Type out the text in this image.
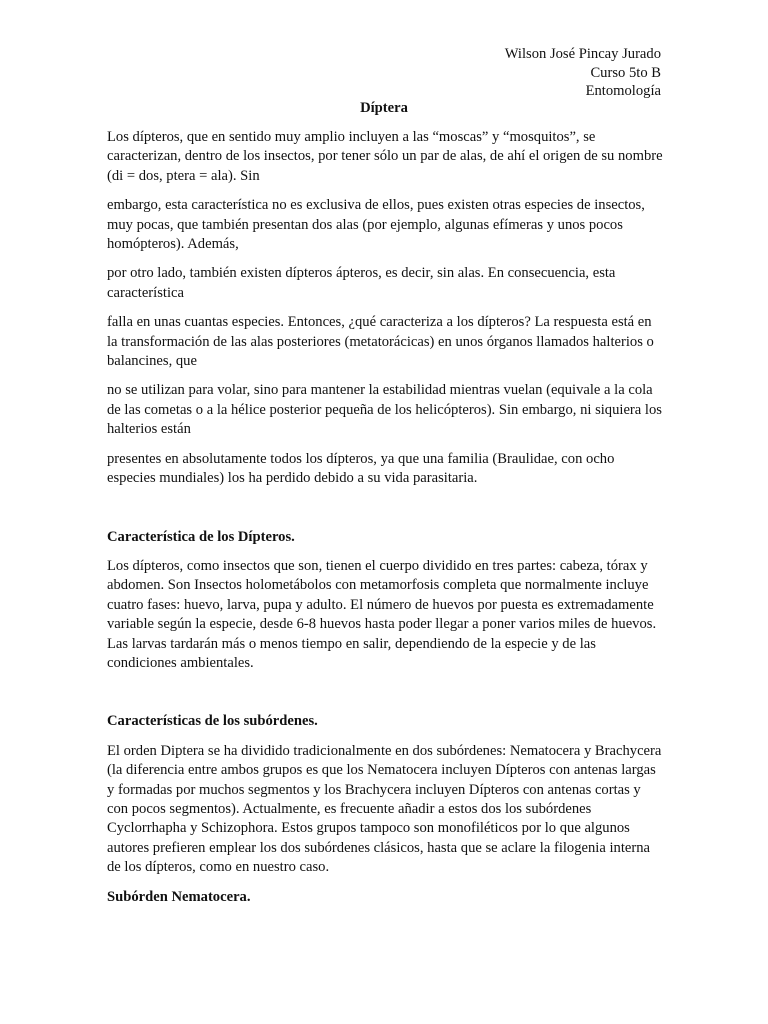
Wilson José Pincay Jurado
Curso 5to B
Entomología
Díptera

Los dípteros, que en sentido muy amplio incluyen a las “moscas” y “mosquitos”, se caracterizan, dentro de los insectos, por tener sólo un par de alas, de ahí el origen de su nombre (di = dos, ptera = ala). Sin

embargo, esta característica no es exclusiva de ellos, pues existen otras especies de insectos, muy pocas, que también presentan dos alas (por ejemplo, algunas efímeras y unos pocos homópteros). Además,

por otro lado, también existen dípteros ápteros, es decir, sin alas. En consecuencia, esta característica

falla en unas cuantas especies. Entonces, ¿qué caracteriza a los dípteros? La respuesta está en la transformación de las alas posteriores (metatorácicas) en unos órganos llamados halterios o balancines, que

no se utilizan para volar, sino para mantener la estabilidad mientras vuelan (equivale a la cola de las cometas o a la hélice posterior pequeña de los helicópteros). Sin embargo, ni siquiera los halterios están

presentes en absolutamente todos los dípteros, ya que una familia (Braulidae, con ocho especies mundiales) los ha perdido debido a su vida parasitaria.

Característica de los Dípteros.

Los dípteros, como insectos que son, tienen el cuerpo dividido en tres partes: cabeza, tórax y abdomen. Son Insectos holometábolos con metamorfosis completa que normalmente incluye cuatro fases: huevo, larva, pupa y adulto. El número de huevos por puesta es extremadamente variable según la especie, desde 6-8 huevos hasta poder llegar a poner varios miles de huevos. Las larvas tardarán más o menos tiempo en salir, dependiendo de la especie y de las condiciones ambientales.

Características de los subórdenes.

El orden Diptera se ha dividido tradicionalmente en dos subórdenes: Nematocera y Brachycera (la diferencia entre ambos grupos es que los Nematocera incluyen Dípteros con antenas largas y formadas por muchos segmentos y los Brachycera incluyen Dípteros con antenas cortas y con pocos segmentos). Actualmente, es frecuente añadir a estos dos los subórdenes Cyclorrhapha y Schizophora. Estos grupos tampoco son monofiléticos por lo que algunos autores prefieren emplear los dos subórdenes clásicos, hasta que se aclare la filogenia interna de los dípteros, como en nuestro caso.

Subórden Nematocera.
